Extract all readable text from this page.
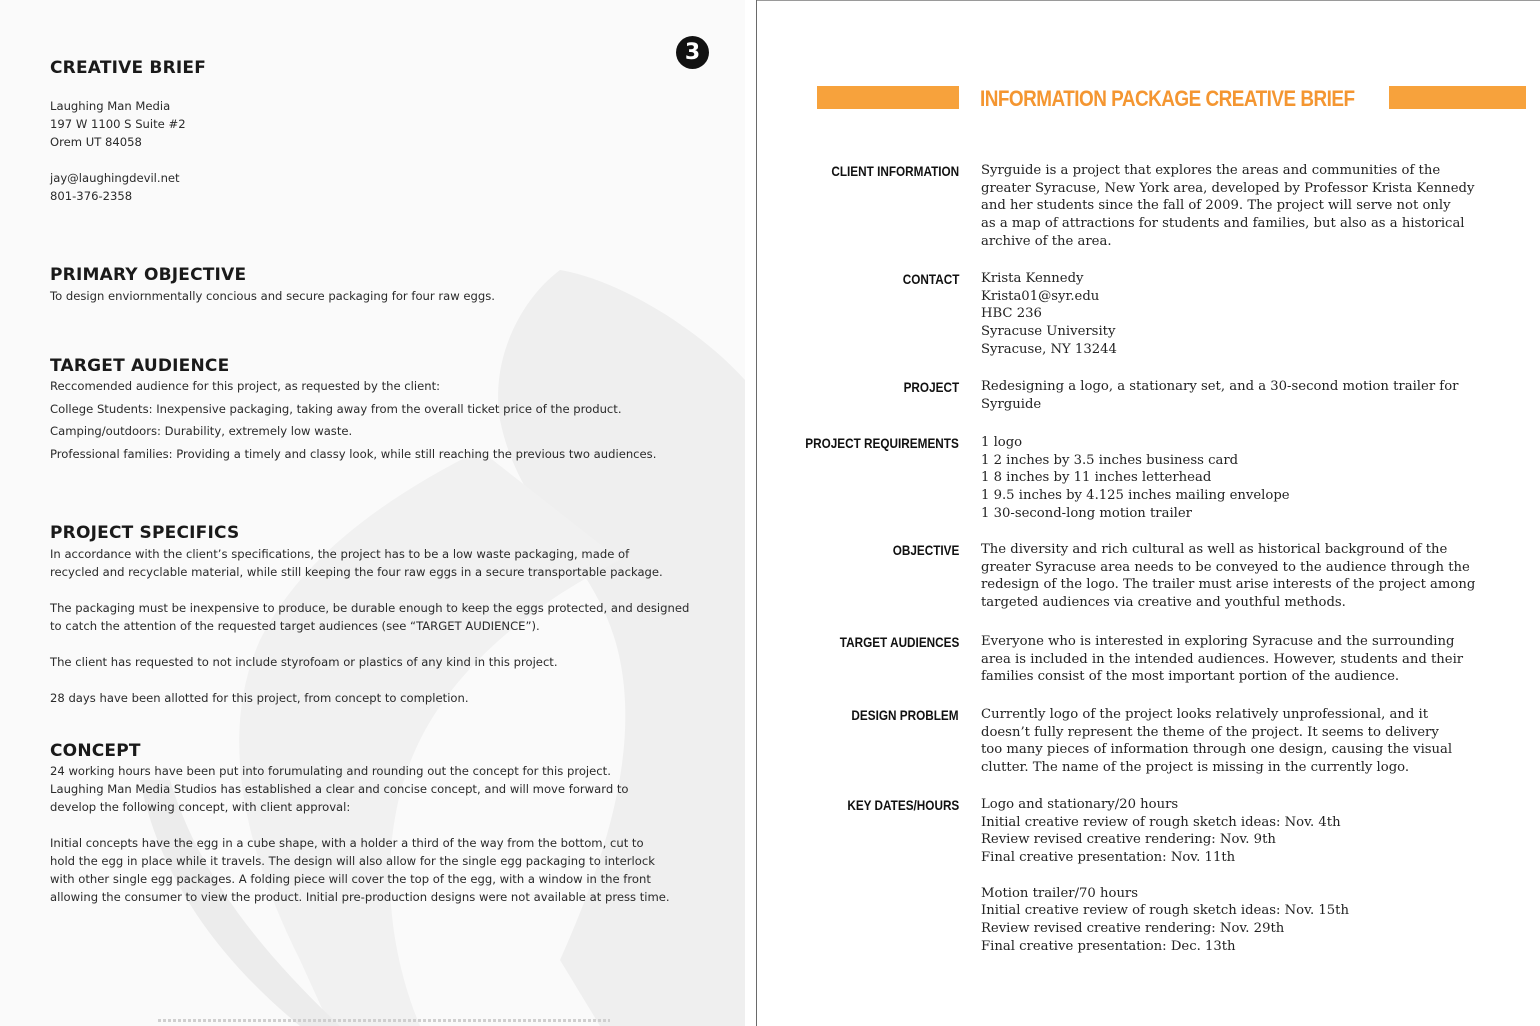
3
CREATIVE BRIEF

Laughing Man Media

197 W 1100 S Suite #2

Orem UT 84058

jay@laughingdevil.net

801-376-2358

PRIMARY OBJECTIVE
To design enviornmentally concious and secure packaging for four raw eggs.
TARGET AUDIENCE

Reccomended audience for this project, as requested by the client:

College Students: Inexpensive packaging, taking away from the overall ticket price of the product.

Camping/outdoors: Durability, extremely low waste.

Professional families: Providing a timely and classy look, while still reaching the previous two audiences.

PROJECT SPECIFICS

In accordance with the client’s specifications, the project has to be a low waste packaging, made of

recycled and recyclable material, while still keeping the four raw eggs in a secure transportable package.

The packaging must be inexpensive to produce, be durable enough to keep the eggs protected, and designed

to catch the attention of the requested target audiences (see “TARGET AUDIENCE”).

The client has requested to not include styrofoam or plastics of any kind in this project.

28 days have been allotted for this project, from concept to completion.

CONCEPT

24 working hours have been put into forumulating and rounding out the concept for this project.

Laughing Man Media Studios has established a clear and concise concept, and will move forward to

develop the following concept, with client approval:

Initial concepts have the egg in a cube shape, with a holder a third of the way from the bottom, cut to

hold the egg in place while it travels. The design will also allow for the single egg packaging to interlock

with other single egg packages. A folding piece will cover the top of the egg, with a window in the front

allowing the consumer to view the product. Initial pre-production designs were not available at press time.

INFORMATION PACKAGE CREATIVE BRIEF
CLIENT INFORMATION Syrguide is a project that explores the areas and communities of the

greater Syracuse, New York area, developed by Professor Krista Kennedy

and her students since the fall of 2009. The project will serve not only

as a map of attractions for students and families, but also as a historical

archive of the area.

CONTACT Krista Kennedy

Krista01@syr.edu

HBC 236

Syracuse University

Syracuse, NY 13244

PROJECT Redesigning a logo, a stationary set, and a 30-second motion trailer for

Syrguide

PROJECT REQUIREMENTS 1 logo

1 2 inches by 3.5 inches business card

1 8 inches by 11 inches letterhead

1 9.5 inches by 4.125 inches mailing envelope

1 30-second-long motion trailer

OBJECTIVE The diversity and rich cultural as well as historical background of the

greater Syracuse area needs to be conveyed to the audience through the

redesign of the logo. The trailer must arise interests of the project among

targeted audiences via creative and youthful methods.

TARGET AUDIENCES Everyone who is interested in exploring Syracuse and the surrounding

area is included in the intended audiences. However, students and their

families consist of the most important portion of the audience.

DESIGN PROBLEM Currently logo of the project looks relatively unprofessional, and it

doesn’t fully represent the theme of the project. It seems to delivery

too many pieces of information through one design, causing the visual

clutter. The name of the project is missing in the currently logo.

KEY DATES/HOURS Logo and stationary/20 hours

Initial creative review of rough sketch ideas: Nov. 4th

Review revised creative rendering: Nov. 9th

Final creative presentation: Nov. 11th

Motion trailer/70 hours

Initial creative review of rough sketch ideas: Nov. 15th

Review revised creative rendering: Nov. 29th

Final creative presentation: Dec. 13th
